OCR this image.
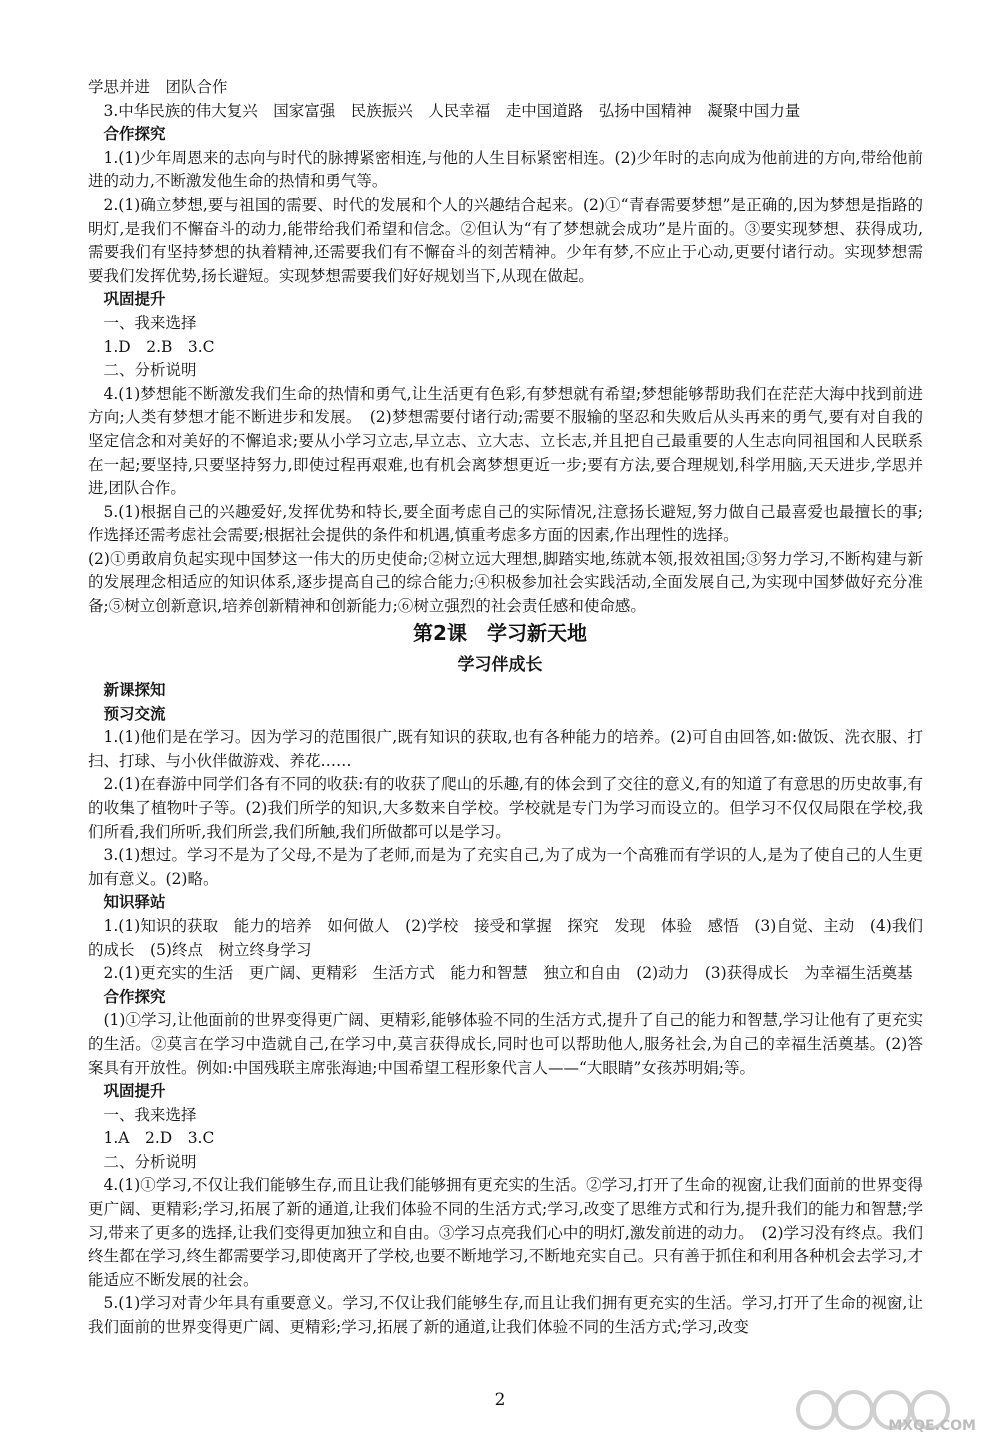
学思并进　团队合作

3.中华民族的伟大复兴　国家富强　民族振兴　人民幸福　走中国道路　弘扬中国精神　凝聚中国力量

合作探究

1.(1)少年周恩来的志向与时代的脉搏紧密相连,与他的人生目标紧密相连。(2)少年时的志向成为他前进的方向,带给他前进的动力,不断激发他生命的热情和勇气等。

2.(1)确立梦想,要与祖国的需要、时代的发展和个人的兴趣结合起来。(2)①“青春需要梦想”是正确的,因为梦想是指路的明灯,是我们不懈奋斗的动力,能带给我们希望和信念。②但认为“有了梦想就会成功”是片面的。③要实现梦想、获得成功,需要我们有坚持梦想的执着精神,还需要我们有不懈奋斗的刻苦精神。少年有梦,不应止于心动,更要付诸行动。实现梦想需要我们发挥优势,扬长避短。实现梦想需要我们好好规划当下,从现在做起。

巩固提升

一、我来选择

1.D　2.B　3.C

二、分析说明

4.(1)梦想能不断激发我们生命的热情和勇气,让生活更有色彩,有梦想就有希望;梦想能够帮助我们在茫茫大海中找到前进方向;人类有梦想才能不断进步和发展。　(2)梦想需要付诸行动;需要不服输的坚忍和失败后从头再来的勇气,要有对自我的坚定信念和对美好的不懈追求;要从小学习立志,早立志、立大志、立长志,并且把自己最重要的人生志向同祖国和人民联系在一起;要坚持,只要坚持努力,即使过程再艰难,也有机会离梦想更近一步;要有方法,要合理规划,科学用脑,天天进步,学思并进,团队合作。

5.(1)根据自己的兴趣爱好,发挥优势和特长,要全面考虑自己的实际情况,注意扬长避短,努力做自己最喜爱也最擅长的事;作选择还需考虑社会需要;根据社会提供的条件和机遇,慎重考虑多方面的因素,作出理性的选择。

(2)①勇敢肩负起实现中国梦这一伟大的历史使命;②树立远大理想,脚踏实地,练就本领,报效祖国;③努力学习,不断构建与新的发展理念相适应的知识体系,逐步提高自己的综合能力;④积极参加社会实践活动,全面发展自己,为实现中国梦做好充分准备;⑤树立创新意识,培养创新精神和创新能力;⑥树立强烈的社会责任感和使命感。

第2课　学习新天地
学习伴成长

新课探知

预习交流

1.(1)他们是在学习。因为学习的范围很广,既有知识的获取,也有各种能力的培养。(2)可自由回答,如:做饭、洗衣服、打扫、打球、与小伙伴做游戏、养花……

2.(1)在春游中同学们各有不同的收获:有的收获了爬山的乐趣,有的体会到了交往的意义,有的知道了有意思的历史故事,有的收集了植物叶子等。(2)我们所学的知识,大多数来自学校。学校就是专门为学习而设立的。但学习不仅仅局限在学校,我们所看,我们所听,我们所尝,我们所触,我们所做都可以是学习。

3.(1)想过。学习不是为了父母,不是为了老师,而是为了充实自己,为了成为一个高雅而有学识的人,是为了使自己的人生更加有意义。(2)略。

知识驿站

1.(1)知识的获取　能力的培养　如何做人　(2)学校　接受和掌握　探究　发现　体验　感悟　(3)自觉、主动　(4)我们的成长　(5)终点　树立终身学习

2.(1)更充实的生活　更广阔、更精彩　生活方式　能力和智慧　独立和自由　(2)动力　(3)获得成长　为幸福生活奠基

合作探究

(1)①学习,让他面前的世界变得更广阔、更精彩,能够体验不同的生活方式,提升了自己的能力和智慧,学习让他有了更充实的生活。②莫言在学习中造就自己,在学习中,莫言获得成长,同时也可以帮助他人,服务社会,为自己的幸福生活奠基。(2)答案具有开放性。例如:中国残联主席张海迪;中国希望工程形象代言人——“大眼睛”女孩苏明娟;等。

巩固提升

一、我来选择

1.A　2.D　3.C

二、分析说明

4.(1)①学习,不仅让我们能够生存,而且让我们能够拥有更充实的生活。②学习,打开了生命的视窗,让我们面前的世界变得更广阔、更精彩;学习,拓展了新的通道,让我们体验不同的生活方式;学习,改变了思维方式和行为,提升我们的能力和智慧;学习,带来了更多的选择,让我们变得更加独立和自由。③学习点亮我们心中的明灯,激发前进的动力。　(2)学习没有终点。我们终生都在学习,终生都需要学习,即使离开了学校,也要不断地学习,不断地充实自己。只有善于抓住和利用各种机会去学习,才能适应不断发展的社会。

5.(1)学习对青少年具有重要意义。学习,不仅让我们能够生存,而且让我们拥有更充实的生活。学习,打开了生命的视窗,让我们面前的世界变得更广阔、更精彩;学习,拓展了新的通道,让我们体验不同的生活方式;学习,改变

2
MXQE.COM
